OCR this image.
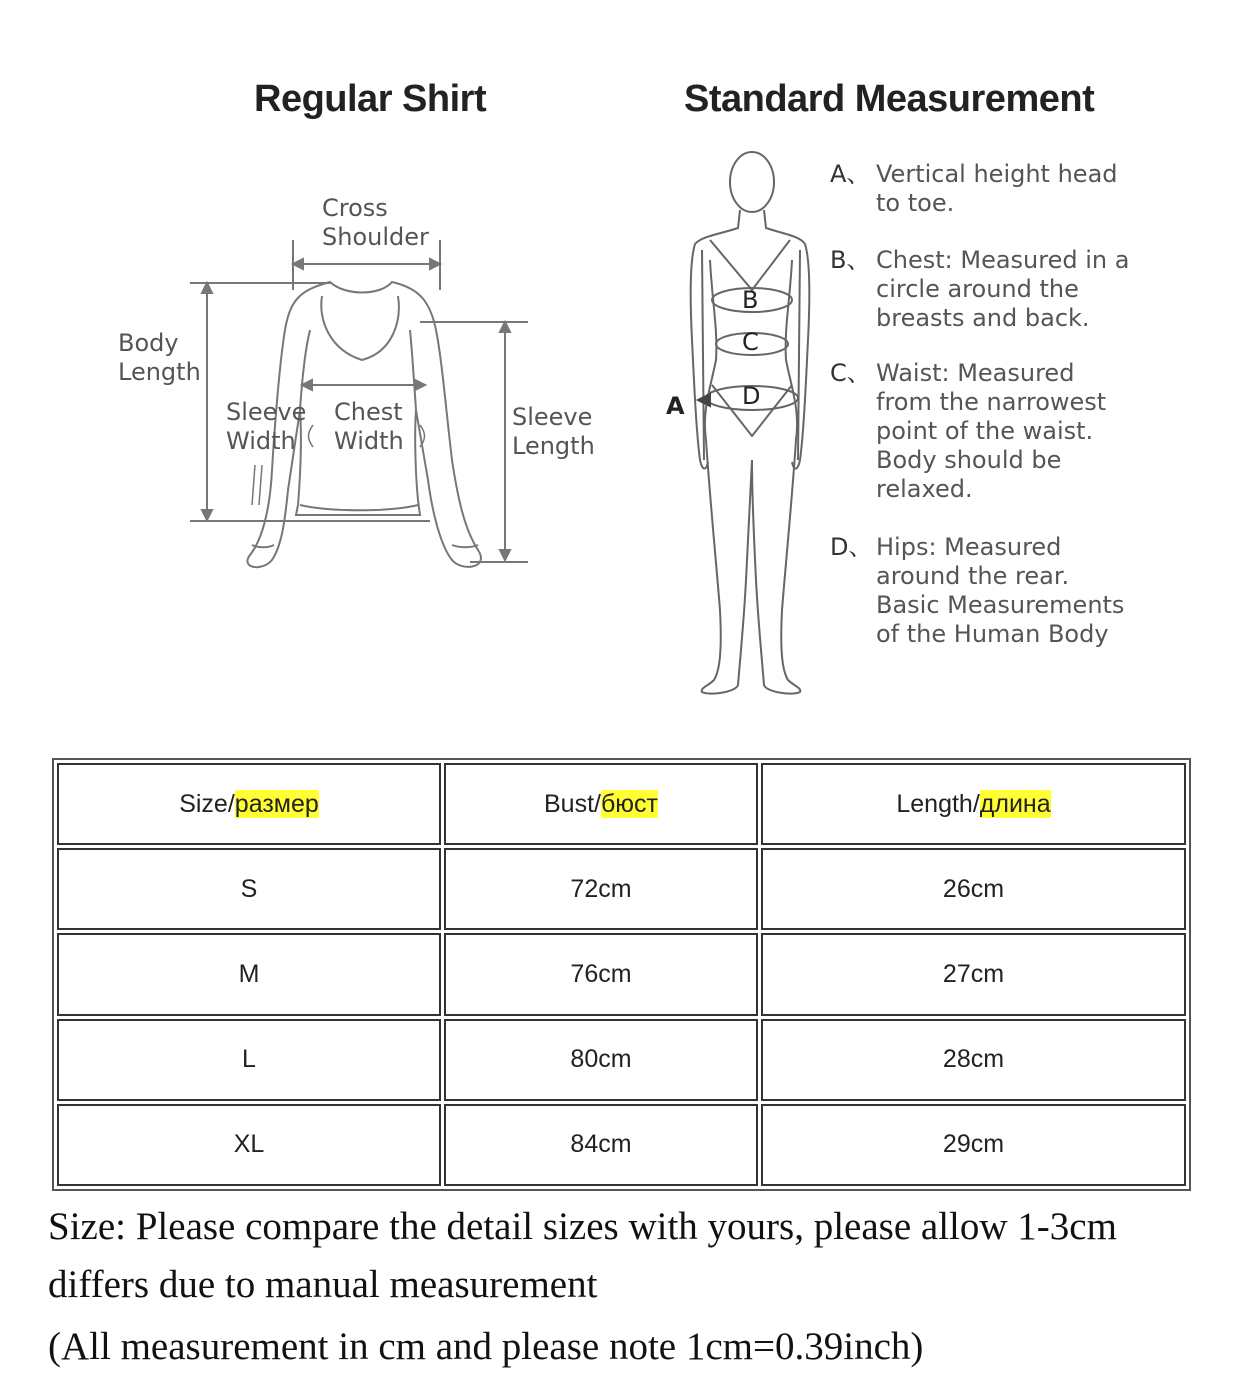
Regular Shirt	Standard Measurement
Cross
Shoulder
Body
Length
Sleeve
Width
Chest
Width
Sleeve
Length
A
B
C
D
A、 Vertical height head to toe.
B、 Chest: Measured in a circle around the breasts and back.
C、 Waist: Measured from the narrowest point of the waist. Body should be relaxed.
D、 Hips: Measured around the rear. Basic Measurements of the Human Body
Size/размер	Bust/бюст	Length/длина
S	72cm	26cm
M	76cm	27cm
L	80cm	28cm
XL	84cm	29cm
Size: Please compare the detail sizes with yours, please allow 1-3cm differs due to manual measurement
(All measurement in cm and please note 1cm=0.39inch)
